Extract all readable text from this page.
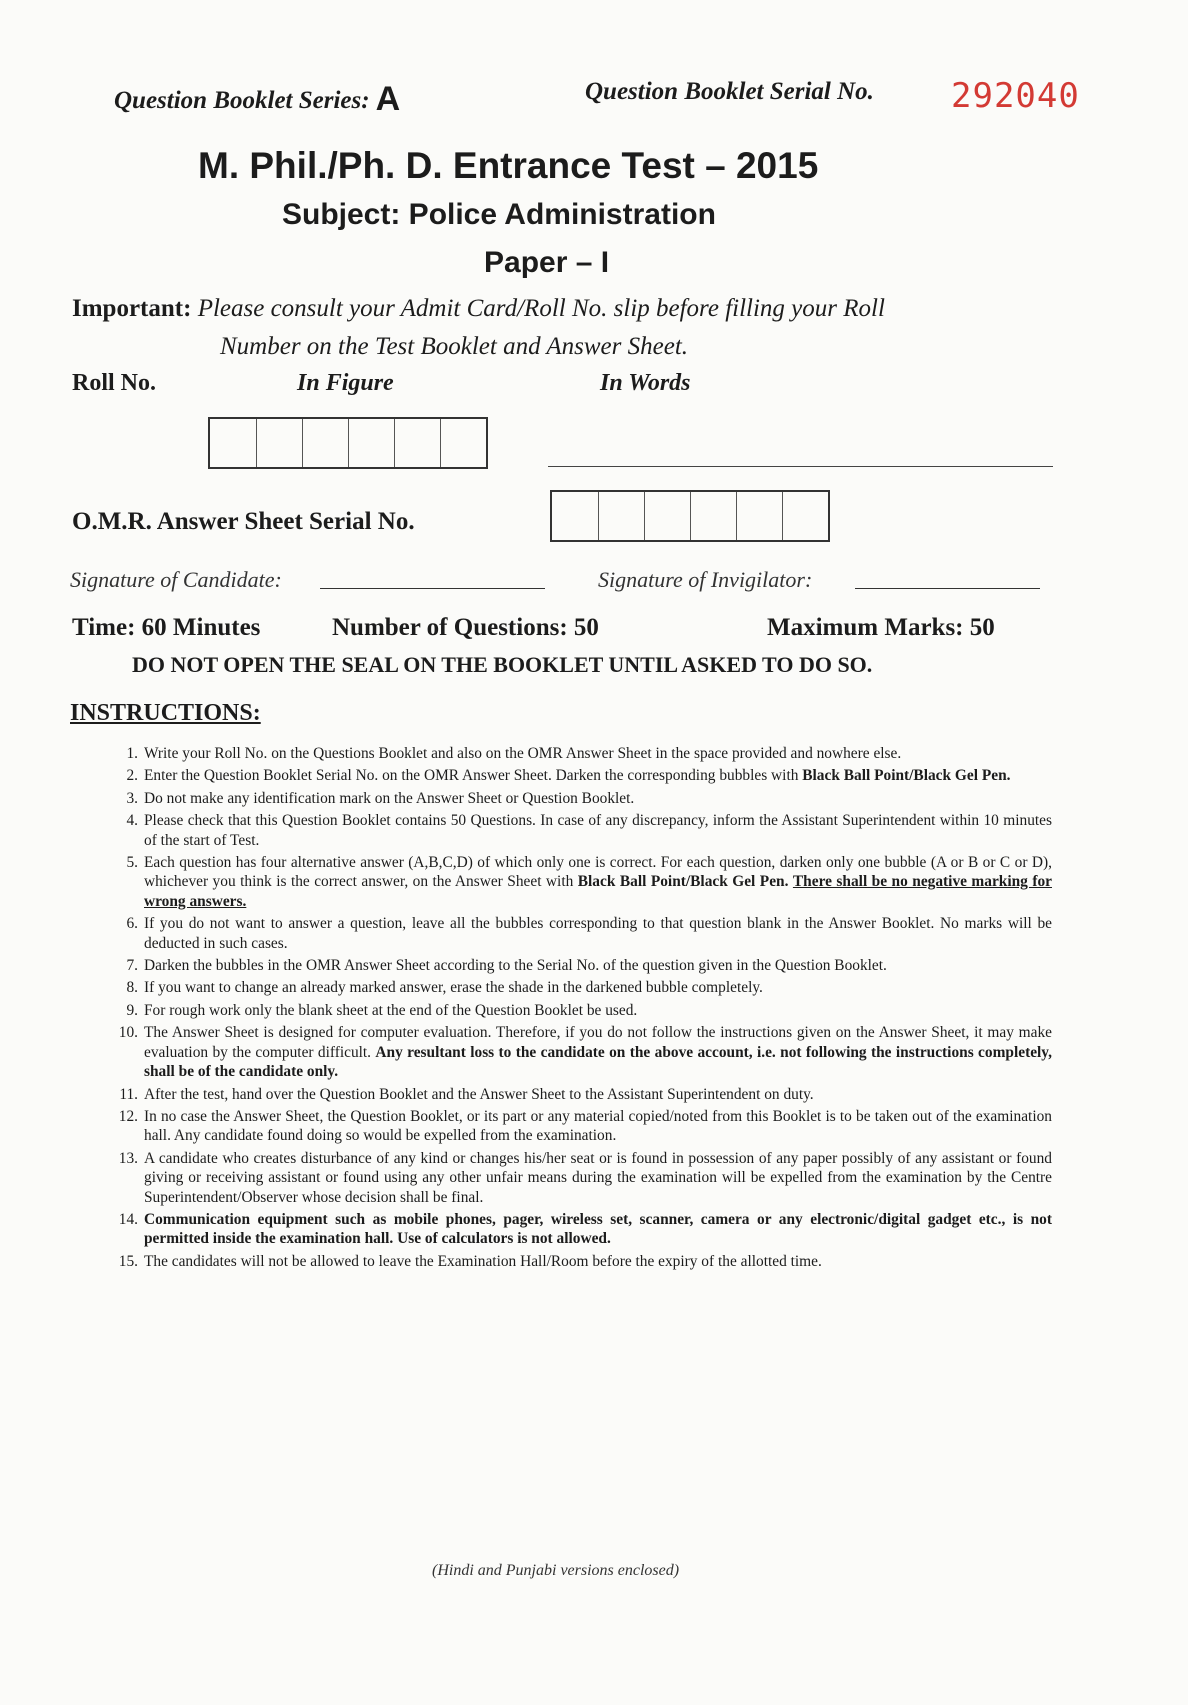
Question Booklet Series: A	Question Booklet Serial No. 292040
M. Phil./Ph. D. Entrance Test – 2015
Subject: Police Administration
Paper – I
Important: Please consult your Admit Card/Roll No. slip before filling your Roll
Number on the Test Booklet and Answer Sheet.
Roll No.	In Figure	In Words
O.M.R. Answer Sheet Serial No.
Signature of Candidate:	Signature of Invigilator:
Time: 60 Minutes	Number of Questions: 50	Maximum Marks: 50
DO NOT OPEN THE SEAL ON THE BOOKLET UNTIL ASKED TO DO SO.
INSTRUCTIONS:
1. Write your Roll No. on the Questions Booklet and also on the OMR Answer Sheet in the space provided and nowhere else.
2. Enter the Question Booklet Serial No. on the OMR Answer Sheet. Darken the corresponding bubbles with Black Ball Point/Black Gel Pen.
3. Do not make any identification mark on the Answer Sheet or Question Booklet.
4. Please check that this Question Booklet contains 50 Questions. In case of any discrepancy, inform the Assistant Superintendent within 10 minutes of the start of Test.
5. Each question has four alternative answer (A,B,C,D) of which only one is correct. For each question, darken only one bubble (A or B or C or D), whichever you think is the correct answer, on the Answer Sheet with Black Ball Point/Black Gel Pen. There shall be no negative marking for wrong answers.
6. If you do not want to answer a question, leave all the bubbles corresponding to that question blank in the Answer Booklet. No marks will be deducted in such cases.
7. Darken the bubbles in the OMR Answer Sheet according to the Serial No. of the question given in the Question Booklet.
8. If you want to change an already marked answer, erase the shade in the darkened bubble completely.
9. For rough work only the blank sheet at the end of the Question Booklet be used.
10. The Answer Sheet is designed for computer evaluation. Therefore, if you do not follow the instructions given on the Answer Sheet, it may make evaluation by the computer difficult. Any resultant loss to the candidate on the above account, i.e. not following the instructions completely, shall be of the candidate only.
11. After the test, hand over the Question Booklet and the Answer Sheet to the Assistant Superintendent on duty.
12. In no case the Answer Sheet, the Question Booklet, or its part or any material copied/noted from this Booklet is to be taken out of the examination hall. Any candidate found doing so would be expelled from the examination.
13. A candidate who creates disturbance of any kind or changes his/her seat or is found in possession of any paper possibly of any assistant or found giving or receiving assistant or found using any other unfair means during the examination will be expelled from the examination by the Centre Superintendent/Observer whose decision shall be final.
14. Communication equipment such as mobile phones, pager, wireless set, scanner, camera or any electronic/digital gadget etc., is not permitted inside the examination hall. Use of calculators is not allowed.
15. The candidates will not be allowed to leave the Examination Hall/Room before the expiry of the allotted time.
(Hindi and Punjabi versions enclosed)
